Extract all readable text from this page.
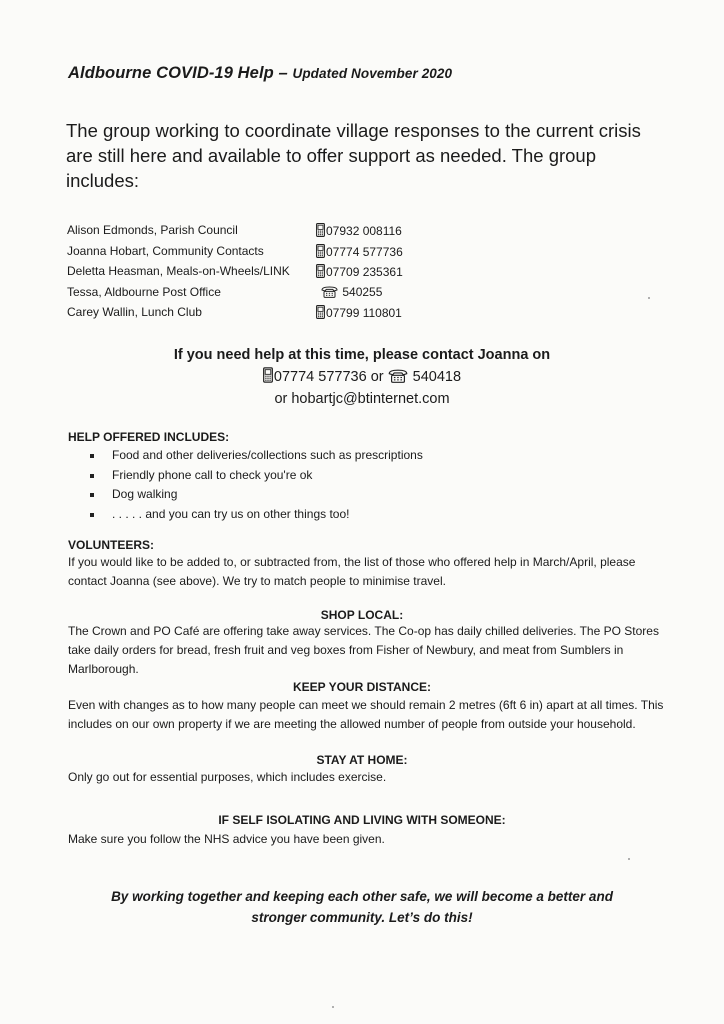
Aldbourne COVID-19 Help – Updated November 2020
The group working to coordinate village responses to the current crisis are still here and available to offer support as needed. The group includes:
Alison Edmonds, Parish Council	07932 008116
Joanna Hobart, Community Contacts	07774 577736
Deletta Heasman, Meals-on-Wheels/LINK	07709 235361
Tessa, Aldbourne Post Office	540255
Carey Wallin, Lunch Club	07799 110801
If you need help at this time, please contact Joanna on
07774 577736 or 540418
or hobartjc@btinternet.com
HELP OFFERED INCLUDES:
Food and other deliveries/collections such as prescriptions
Friendly phone call to check you're ok
Dog walking
. . . . . and you can try us on other things too!
VOLUNTEERS:
If you would like to be added to, or subtracted from, the list of those who offered help in March/April, please contact Joanna (see above). We try to match people to minimise travel.
SHOP LOCAL:
The Crown and PO Café are offering take away services. The Co-op has daily chilled deliveries. The PO Stores take daily orders for bread, fresh fruit and veg boxes from Fisher of Newbury, and meat from Sumblers in Marlborough.
KEEP YOUR DISTANCE:
Even with changes as to how many people can meet we should remain 2 metres (6ft 6 in) apart at all times. This includes on our own property if we are meeting the allowed number of people from outside your household.
STAY AT HOME:
Only go out for essential purposes, which includes exercise.
IF SELF ISOLATING AND LIVING WITH SOMEONE:
Make sure you follow the NHS advice you have been given.
By working together and keeping each other safe, we will become a better and
stronger community. Let’s do this!
